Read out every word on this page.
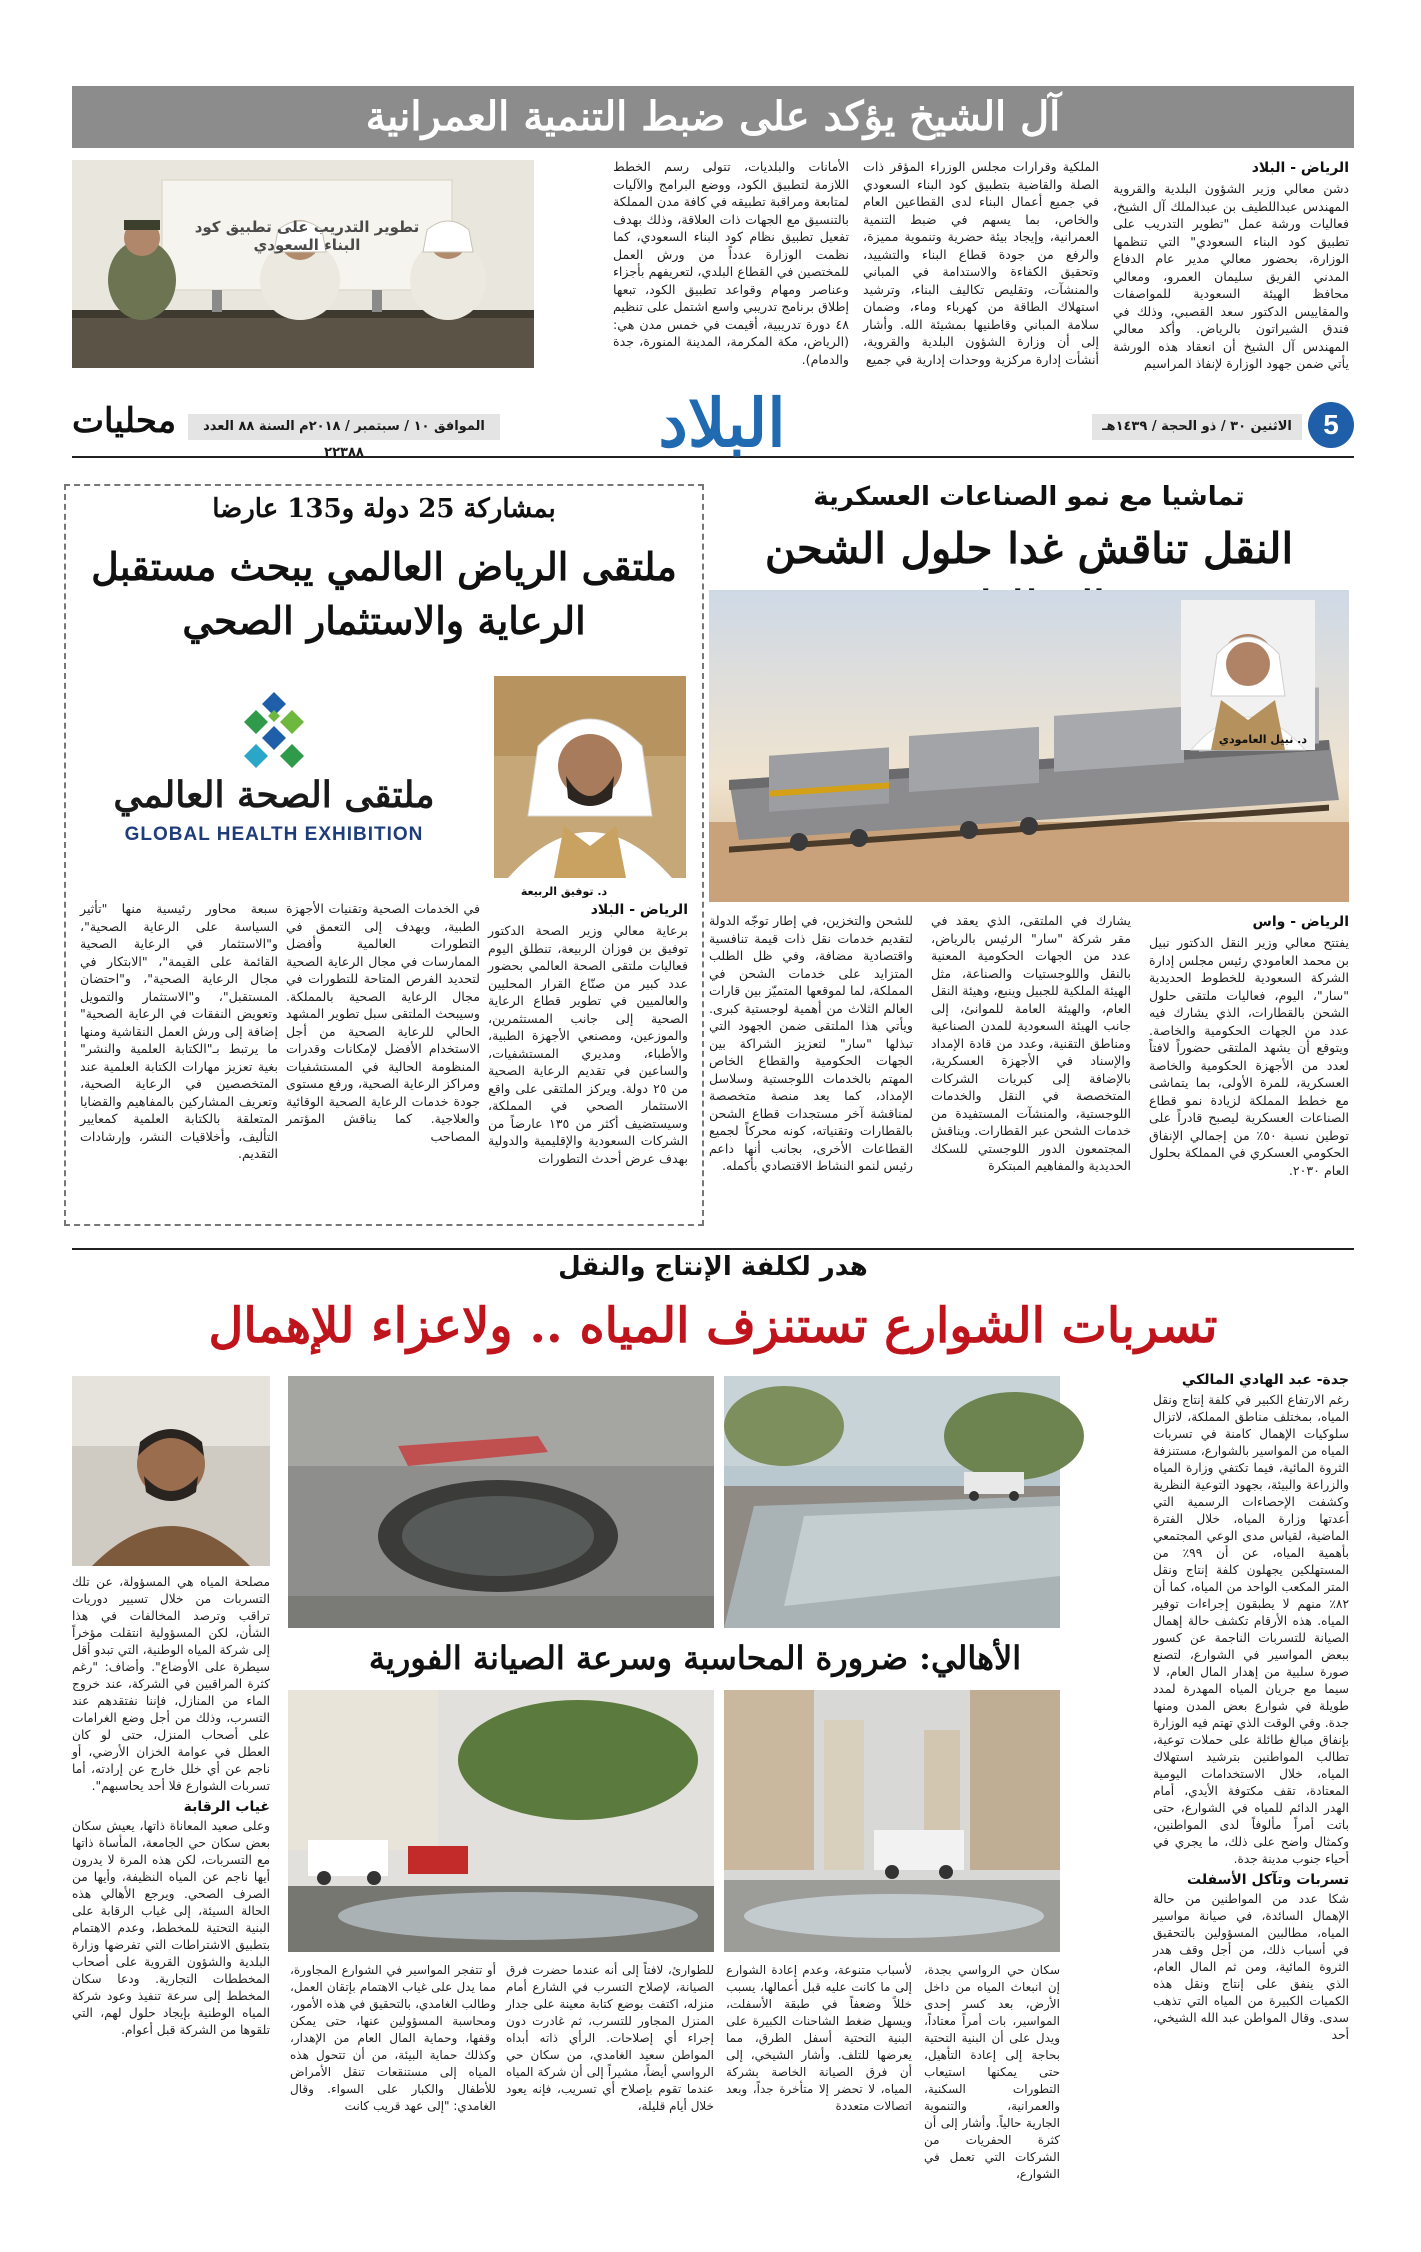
آل الشيخ يؤكد على ضبط التنمية العمرانية
الرياض - البلاد

دشن معالي وزير الشؤون البلدية والقروية المهندس عبداللطيف بن عبدالملك آل الشيخ، فعاليات ورشة عمل "تطوير التدريب على تطبيق كود البناء السعودي" التي تنظمها الوزارة، بحضور معالي مدير عام الدفاع المدني الفريق سليمان العمرو، ومعالي محافظ الهيئة السعودية للمواصفات والمقاييس الدكتور سعد القصبي، وذلك في فندق الشيراتون بالرياض. وأكد معالي المهندس آل الشيخ أن انعقاد هذه الورشة يأتي ضمن جهود الوزارة لإنفاذ المراسيم

الملكية وقرارات مجلس الوزراء المؤقر ذات الصلة والقاضية بتطبيق كود البناء السعودي في جميع أعمال البناء لدى القطاعين العام والخاص، بما يسهم في ضبط التنمية العمرانية، وإيجاد بيئة حضرية وتنموية مميزة، والرفع من جودة قطاع البناء والتشييد، وتحقيق الكفاءة والاستدامة في المباني والمنشآت، وتقليص تكاليف البناء، وترشيد استهلاك الطاقة من كهرباء وماء، وضمان سلامة المباني وقاطنيها بمشيئة الله. وأشار إلى أن وزارة الشؤون البلدية والقروية، أنشأت إدارة مركزية ووحدات إدارية في جميع

الأمانات والبلديات، تتولى رسم الخطط اللازمة لتطبيق الكود، ووضع البرامج والآليات لمتابعة ومراقبة تطبيقه في كافة مدن المملكة بالتنسيق مع الجهات ذات العلاقة، وذلك بهدف تفعيل تطبيق نظام كود البناء السعودي، كما نظمت الوزارة عدداً من ورش العمل للمختصين في القطاع البلدي، لتعريفهم بأجزاء وعناصر ومهام وقواعد تطبيق الكود، تبعها إطلاق برنامج تدريبي واسع اشتمل على تنظيم ٤٨ دورة تدريبية، أقيمت في خمس مدن هي: (الرياض، مكة المكرمة، المدينة المنورة، جدة والدمام).

تطوير التدريب على تطبيق كود البناء السعودي
5
الاثنين ٣٠ / ذو الحجة / ١٤٣٩هـ
البلاد
الموافق ١٠ / سبتمبر / ٢٠١٨م السنة ٨٨ العدد ٢٢٣٨٨
محليات
تماشيا مع نمو الصناعات العسكرية
النقل تناقش غدا حلول الشحن
د. نبيل العامودي
الرياض - واس

يفتتح معالي وزير النقل الدكتور نبيل بن محمد العامودي رئيس مجلس إدارة الشركة السعودية للخطوط الحديدية "سار"، اليوم، فعاليات ملتقى حلول الشحن بالقطارات، الذي يشارك فيه عدد من الجهات الحكومية والخاصة. ويتوقع أن يشهد الملتقى حضوراً لافتاً لعدد من الأجهزة الحكومية والخاصة العسكرية، للمرة الأولى، بما يتماشى مع خطط المملكة لزيادة نمو قطاع الصناعات العسكرية ليصبح قادراً على توطين نسبة ٥٠٪ من إجمالي الإنفاق الحكومي العسكري في المملكة بحلول العام ٢٠٣٠.

يشارك في الملتقى، الذي يعقد في مقر شركة "سار" الرئيس بالرياض، عدد من الجهات الحكومية المعنية بالنقل واللوجستيات والصناعة، مثل الهيئة الملكية للجبيل وينبع، وهيئة النقل العام، والهيئة العامة للموانئ، إلى جانب الهيئة السعودية للمدن الصناعية ومناطق التقنية، وعدد من قادة الإمداد والإسناد في الأجهزة العسكرية، بالإضافة إلى كبريات الشركات المتخصصة في النقل والخدمات اللوجستية، والمنشآت المستفيدة من خدمات الشحن عبر القطارات. ويناقش المجتمعون الدور اللوجستي للسكك الحديدية والمفاهيم المبتكرة

للشحن والتخزين، في إطار توجّه الدولة لتقديم خدمات نقل ذات قيمة تنافسية واقتصادية مضافة، وفي ظل الطلب المتزايد على خدمات الشحن في المملكة، لما لموقعها المتميّز بين قارات العالم الثلاث من أهمية لوجستية كبرى. ويأتي هذا الملتقى ضمن الجهود التي تبذلها "سار" لتعزيز الشراكة بين الجهات الحكومية والقطاع الخاص المهتم بالخدمات اللوجستية وسلاسل الإمداد، كما يعد منصة متخصصة لمناقشة آخر مستجدات قطاع الشحن بالقطارات وتقنياته، كونه محركاً لجميع القطاعات الأخرى، بجانب أنها داعم رئيس لنمو النشاط الاقتصادي بأكمله.

بمشاركة 25 دولة و135 عارضا
ملتقى الرياض العالمي يبحث مستقبل
الرعاية والاستثمار الصحي
د. توفيق الربيعة
ملتقى الصحة العالمي
GLOBAL HEALTH EXHIBITION
الرياض - البلاد

برعاية معالي وزير الصحة الدكتور توفيق بن فوزان الربيعة، تنطلق اليوم فعاليات ملتقى الصحة العالمي بحضور عدد كبير من صنّاع القرار المحليين والعالميين في تطوير قطاع الرعاية الصحية إلى جانب المستثمرين، والموزعين، ومصنعي الأجهزة الطبية، والأطباء، ومديري المستشفيات، والساعين في تقديم الرعاية الصحية من ٢٥ دولة. ويركز الملتقى على واقع الاستثمار الصحي في المملكة، وسيستضيف أكثر من ١٣٥ عارضاً من الشركات السعودية والإقليمية والدولية بهدف عرض أحدث التطورات

في الخدمات الصحية وتقنيات الأجهزة الطبية، ويهدف إلى التعمق في التطورات العالمية وأفضل الممارسات في مجال الرعاية الصحية لتحديد الفرص المتاحة للتطورات في مجال الرعاية الصحية بالمملكة. وسيبحث الملتقى سبل تطوير المشهد الحالي للرعاية الصحية من أجل الاستخدام الأفضل لإمكانات وقدرات المنظومة الحالية في المستشفيات ومراكز الرعاية الصحية، ورفع مستوى جودة خدمات الرعاية الصحية الوقائية والعلاجية. كما يناقش المؤتمر المصاحب

سبعة محاور رئيسية منها "تأثير السياسة على الرعاية الصحية"، و"الاستثمار في الرعاية الصحية القائمة على القيمة"، "الابتكار في مجال الرعاية الصحية"، و"احتضان المستقبل"، و"الاستثمار والتمويل وتعويض النفقات في الرعاية الصحية" إضافة إلى ورش العمل النقاشية ومنها ما يرتبط بـ"الكتابة العلمية والنشر" بغية تعزيز مهارات الكتابة العلمية عند المتخصصين في الرعاية الصحية، وتعريف المشاركين بالمفاهيم والقضايا المتعلقة بالكتابة العلمية كمعايير التأليف، وأخلاقيات النشر، وإرشادات التقديم.

هدر لكلفة الإنتاج والنقل
تسربات الشوارع تستنزف المياه .. ولاعزاء للإهمال
جدة- عبد الهادي المالكي

رغم الارتفاع الكبير في كلفة إنتاج ونقل المياه، بمختلف مناطق المملكة، لاتزال سلوكيات الإهمال كامنة في تسربات المياه من المواسير بالشوارع، مستنزفة الثروة المائية، فيما تكتفي وزارة المياه والزراعة والبيئة، بجهود التوعية النظرية وكشفت الإحصاءات الرسمية التي أعدتها وزارة المياه، خلال الفترة الماضية، لقياس مدى الوعي المجتمعي بأهمية المياه، عن أن ٩٩٪ من المستهلكين يجهلون كلفة إنتاج ونقل المتر المكعب الواحد من المياه، كما أن ٨٢٪ منهم لا يطبقون إجراءات توفير المياه. هذه الأرقام تكشف حالة إهمال الصيانة للتسربات الناجمة عن كسور ببعض المواسير في الشوارع، لتصنع صورة سلبية من إهدار المال العام، لا سيما مع جريان المياه المهدرة لمدد طويلة في شوارع بعض المدن ومنها جدة. وفي الوقت الذي تهتم فيه الوزارة بإنفاق مبالغ طائلة على حملات توعية، تطالب المواطنين بترشيد استهلاك المياه، خلال الاستخدامات اليومية المعتادة، تقف مكتوفة الأيدي، أمام الهدر الدائم للمياه في الشوارع، حتى باتت أمراً مألوفاً لدى المواطنين، وكمثال واضح على ذلك، ما يجري في أحياء جنوب مدينة جدة.

تسربات وتآكل الأسفلت

شكا عدد من المواطنين من حالة الإهمال السائدة، في صيانة مواسير المياه، مطالبين المسؤولين بالتحقيق في أسباب ذلك، من أجل وقف هدر الثروة المائية، ومن ثم المال العام، الذي ينفق على إنتاج ونقل هذه الكميات الكبيرة من المياه التي تذهب سدى. وقال المواطن عبد الله الشيخي، أحد

الأهالي: ضرورة المحاسبة وسرعة الصيانة الفورية

سكان حي الرواسي بجدة، إن انبعاث المياه من داخل الأرض، بعد كسر إحدى المواسير، بات أمراً معتاداً، ويدل على أن البنية التحتية بحاجة إلى إعادة التأهيل، حتى يمكنها استيعاب التطورات السكنية، والعمرانية، والتنموية الجارية حالياً. وأشار إلى أن كثرة الحفريات من الشركات التي تعمل في الشوارع،

لأسباب متنوعة، وعدم إعادة الشوارع إلى ما كانت عليه قبل أعمالها، يسبب خللاً وضعفاً في طبقة الأسفلت، ويسهل ضغط الشاحنات الكبيرة على البنية التحتية أسفل الطرق، مما يعرضها للتلف. وأشار الشيخي، إلى أن فرق الصيانة الخاصة بشركة المياه، لا تحضر إلا متأخرة جداً، وبعد اتصالات متعددة

للطوارئ، لافتاً إلى أنه عندما حضرت فرق الصيانة، لإصلاح التسرب في الشارع أمام منزله، اكتفت بوضع كتابة معينة على جدار المنزل المجاور للتسرب، ثم غادرت دون إجراء أي إصلاحات. الرأي ذاته أبداه المواطن سعيد الغامدي، من سكان حي الرواسي أيضاً، مشيراً إلى أن شركة المياه عندما تقوم بإصلاح أي تسريب، فإنه يعود خلال أيام قليلة،

أو تتفجر المواسير في الشوارع المجاورة، مما يدل على غياب الاهتمام بإتقان العمل، وطالب الغامدي، بالتحقيق في هذه الأمور، ومحاسبة المسؤولين عنها، حتى يمكن وقفها، وحماية المال العام من الإهدار، وكذلك حماية البيئة، من أن تتحول هذه المياه إلى مستنقعات تنقل الأمراض للأطفال والكبار على السواء. وقال الغامدي: "إلى عهد قريب كانت

مصلحة المياه هي المسؤولة، عن تلك التسربات من خلال تسيير دوريات تراقب وترصد المخالفات في هذا الشأن، لكن المسؤولية انتقلت مؤخراً إلى شركة المياه الوطنية، التي تبدو أقل سيطرة على الأوضاع". وأضاف: "رغم كثرة المراقبين في الشركة، عند خروج الماء من المنازل، فإننا نفتقدهم عند التسرب، وذلك من أجل وضع الغرامات على أصحاب المنزل، حتى لو كان العطل في عوامة الخزان الأرضي، أو ناجم عن أي خلل خارج عن إرادته، أما تسربات الشوارع فلا أحد يحاسبهم".

غياب الرقابة

وعلى صعيد المعاناة ذاتها، يعيش سكان بعض سكان حي الجامعة، المأساة ذاتها مع التسربات، لكن هذه المرة لا يدرون أيها ناجم عن المياه النظيفة، وأيها من الصرف الصحي. ويرجع الأهالي هذه الحالة السيئة، إلى غياب الرقابة على البنية التحتية للمخطط، وعدم الاهتمام بتطبيق الاشتراطات التي تفرضها وزارة البلدية والشؤون القروية على أصحاب المخططات التجارية. ودعا سكان المخطط إلى سرعة تنفيذ وعود شركة المياه الوطنية بإيجاد حلول لهم، التي تلقوها من الشركة قبل أعوام.
